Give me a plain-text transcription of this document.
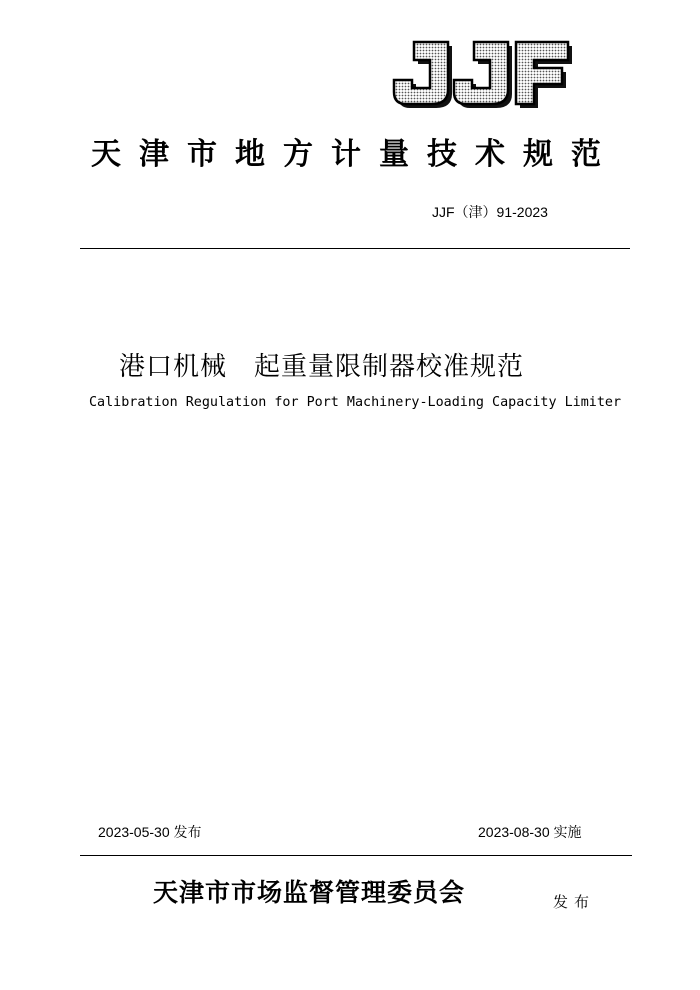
天津市地方计量技术规范
JJF（津）91-2023
港口机械　起重量限制器校准规范
Calibration Regulation for Port Machinery-Loading Capacity Limiter
2023-05-30 发布	2023-08-30 实施
天津市市场监督管理委员会	发布
